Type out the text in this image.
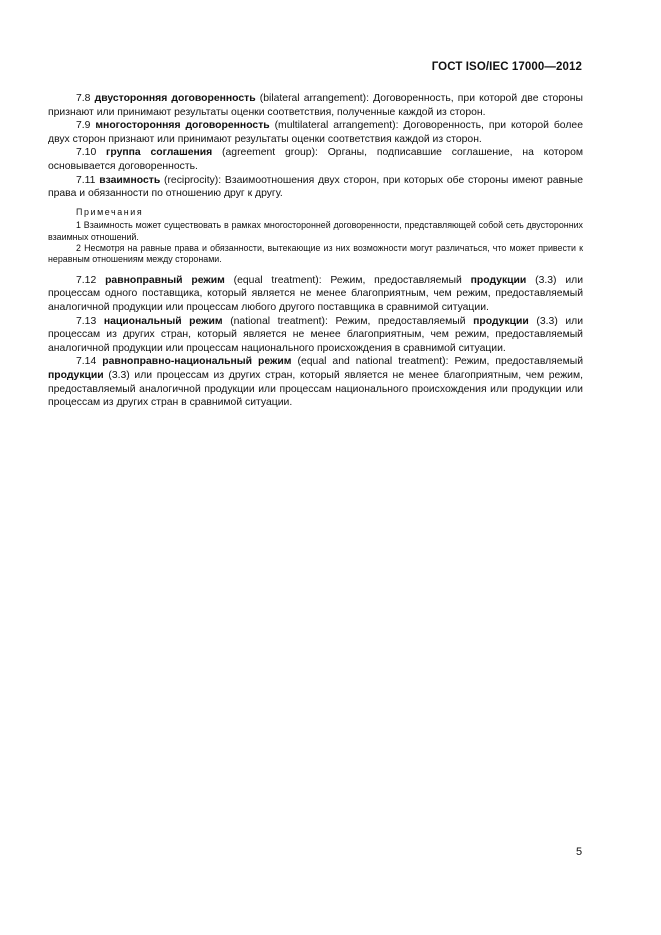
ГОСТ ISO/IEC 17000—2012

7.8 двусторонняя договоренность (bilateral arrangement): Договоренность, при которой две стороны признают или принимают результаты оценки соответствия, полученные каждой из сторон.

7.9 многосторонняя договоренность (multilateral arrangement): Договоренность, при которой более двух сторон признают или принимают результаты оценки соответствия каждой из сторон.

7.10 группа соглашения (agreement group): Органы, подписавшие соглашение, на котором основывается договоренность.

7.11 взаимность (reciprocity): Взаимоотношения двух сторон, при которых обе стороны имеют равные права и обязанности по отношению друг к другу.

Примечания

1 Взаимность может существовать в рамках многосторонней договоренности, представляющей собой сеть двусторонних взаимных отношений.

2 Несмотря на равные права и обязанности, вытекающие из них возможности могут различаться, что может привести к неравным отношениям между сторонами.

7.12 равноправный режим (equal treatment): Режим, предоставляемый продукции (3.3) или процессам одного поставщика, который является не менее благоприятным, чем режим, предоставляемый аналогичной продукции или процессам любого другого поставщика в сравнимой ситуации.

7.13 национальный режим (national treatment): Режим, предоставляемый продукции (3.3) или процессам из других стран, который является не менее благоприятным, чем режим, предоставляемый аналогичной продукции или процессам национального происхождения в сравнимой ситуации.

7.14 равноправно-национальный режим (equal and national treatment): Режим, предоставляемый продукции (3.3) или процессам из других стран, который является не менее благоприятным, чем режим, предоставляемый аналогичной продукции или процессам национального происхождения или продукции или процессам из других стран в сравнимой ситуации.

5
